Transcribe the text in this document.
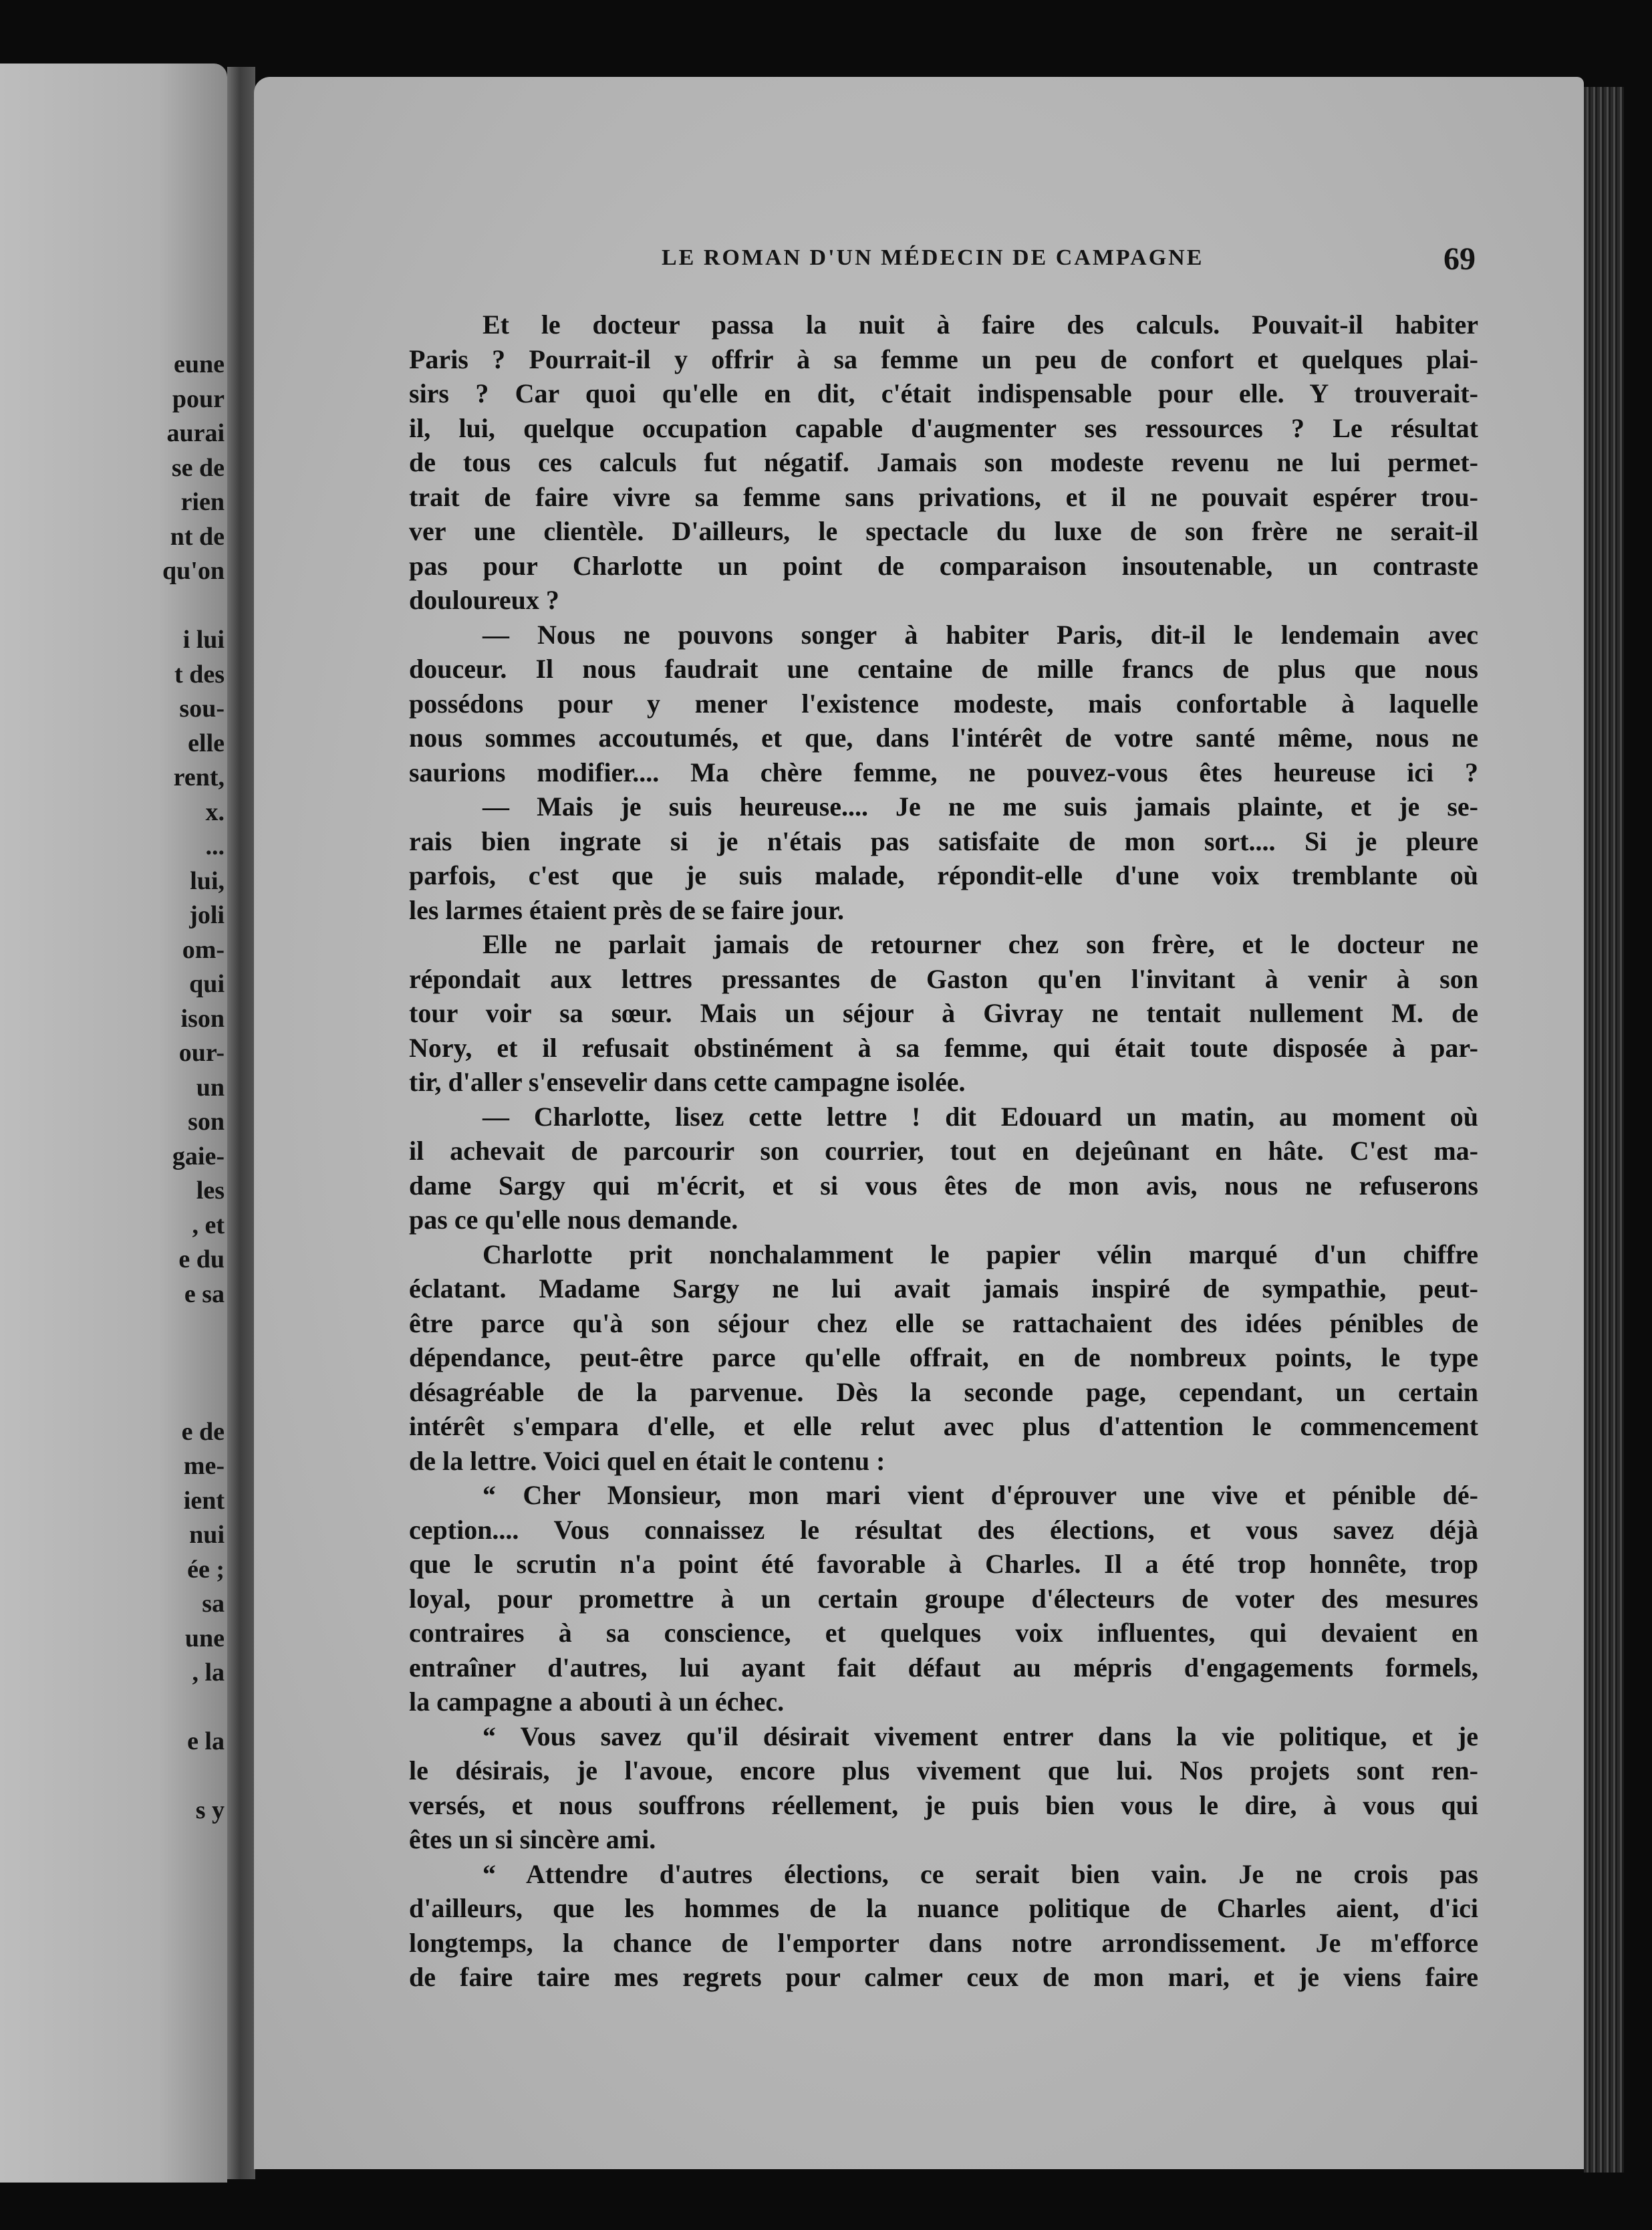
eune
pour
aurai
se de
rien
nt de
qu'on
i lui
t des
sou-
elle
rent,
x.
...
lui,
joli
om-
qui
ison
our-
un
son
gaie-
les
, et
e du
e sa
e de
me-
ient
nui
ée ;
sa
une
, la
e la
s y
LE ROMAN D'UN MÉDECIN DE CAMPAGNE	69
Et le docteur passa la nuit à faire des calculs. Pouvait-il habiter
Paris ? Pourrait-il y offrir à sa femme un peu de confort et quelques plai-
sirs ? Car quoi qu'elle en dit, c'était indispensable pour elle. Y trouverait-
il, lui, quelque occupation capable d'augmenter ses ressources ? Le résultat
de tous ces calculs fut négatif. Jamais son modeste revenu ne lui permet-
trait de faire vivre sa femme sans privations, et il ne pouvait espérer trou-
ver une clientèle. D'ailleurs, le spectacle du luxe de son frère ne serait-il
pas pour Charlotte un point de comparaison insoutenable, un contraste
douloureux ?
— Nous ne pouvons songer à habiter Paris, dit-il le lendemain avec
douceur. Il nous faudrait une centaine de mille francs de plus que nous
possédons pour y mener l'existence modeste, mais confortable à laquelle
nous sommes accoutumés, et que, dans l'intérêt de votre santé même, nous ne
saurions modifier.... Ma chère femme, ne pouvez-vous êtes heureuse ici ?
— Mais je suis heureuse.... Je ne me suis jamais plainte, et je se-
rais bien ingrate si je n'étais pas satisfaite de mon sort.... Si je pleure
parfois, c'est que je suis malade, répondit-elle d'une voix tremblante où
les larmes étaient près de se faire jour.
Elle ne parlait jamais de retourner chez son frère, et le docteur ne
répondait aux lettres pressantes de Gaston qu'en l'invitant à venir à son
tour voir sa sœur. Mais un séjour à Givray ne tentait nullement M. de
Nory, et il refusait obstinément à sa femme, qui était toute disposée à par-
tir, d'aller s'ensevelir dans cette campagne isolée.
— Charlotte, lisez cette lettre ! dit Edouard un matin, au moment où
il achevait de parcourir son courrier, tout en dejeûnant en hâte. C'est ma-
dame Sargy qui m'écrit, et si vous êtes de mon avis, nous ne refuserons
pas ce qu'elle nous demande.
Charlotte prit nonchalamment le papier vélin marqué d'un chiffre
éclatant. Madame Sargy ne lui avait jamais inspiré de sympathie, peut-
être parce qu'à son séjour chez elle se rattachaient des idées pénibles de
dépendance, peut-être parce qu'elle offrait, en de nombreux points, le type
désagréable de la parvenue. Dès la seconde page, cependant, un certain
intérêt s'empara d'elle, et elle relut avec plus d'attention le commencement
de la lettre. Voici quel en était le contenu :
“ Cher Monsieur, mon mari vient d'éprouver une vive et pénible dé-
ception.... Vous connaissez le résultat des élections, et vous savez déjà
que le scrutin n'a point été favorable à Charles. Il a été trop honnête, trop
loyal, pour promettre à un certain groupe d'électeurs de voter des mesures
contraires à sa conscience, et quelques voix influentes, qui devaient en
entraîner d'autres, lui ayant fait défaut au mépris d'engagements formels,
la campagne a abouti à un échec.
“ Vous savez qu'il désirait vivement entrer dans la vie politique, et je
le désirais, je l'avoue, encore plus vivement que lui. Nos projets sont ren-
versés, et nous souffrons réellement, je puis bien vous le dire, à vous qui
êtes un si sincère ami.
“ Attendre d'autres élections, ce serait bien vain. Je ne crois pas
d'ailleurs, que les hommes de la nuance politique de Charles aient, d'ici
longtemps, la chance de l'emporter dans notre arrondissement. Je m'efforce
de faire taire mes regrets pour calmer ceux de mon mari, et je viens faire
